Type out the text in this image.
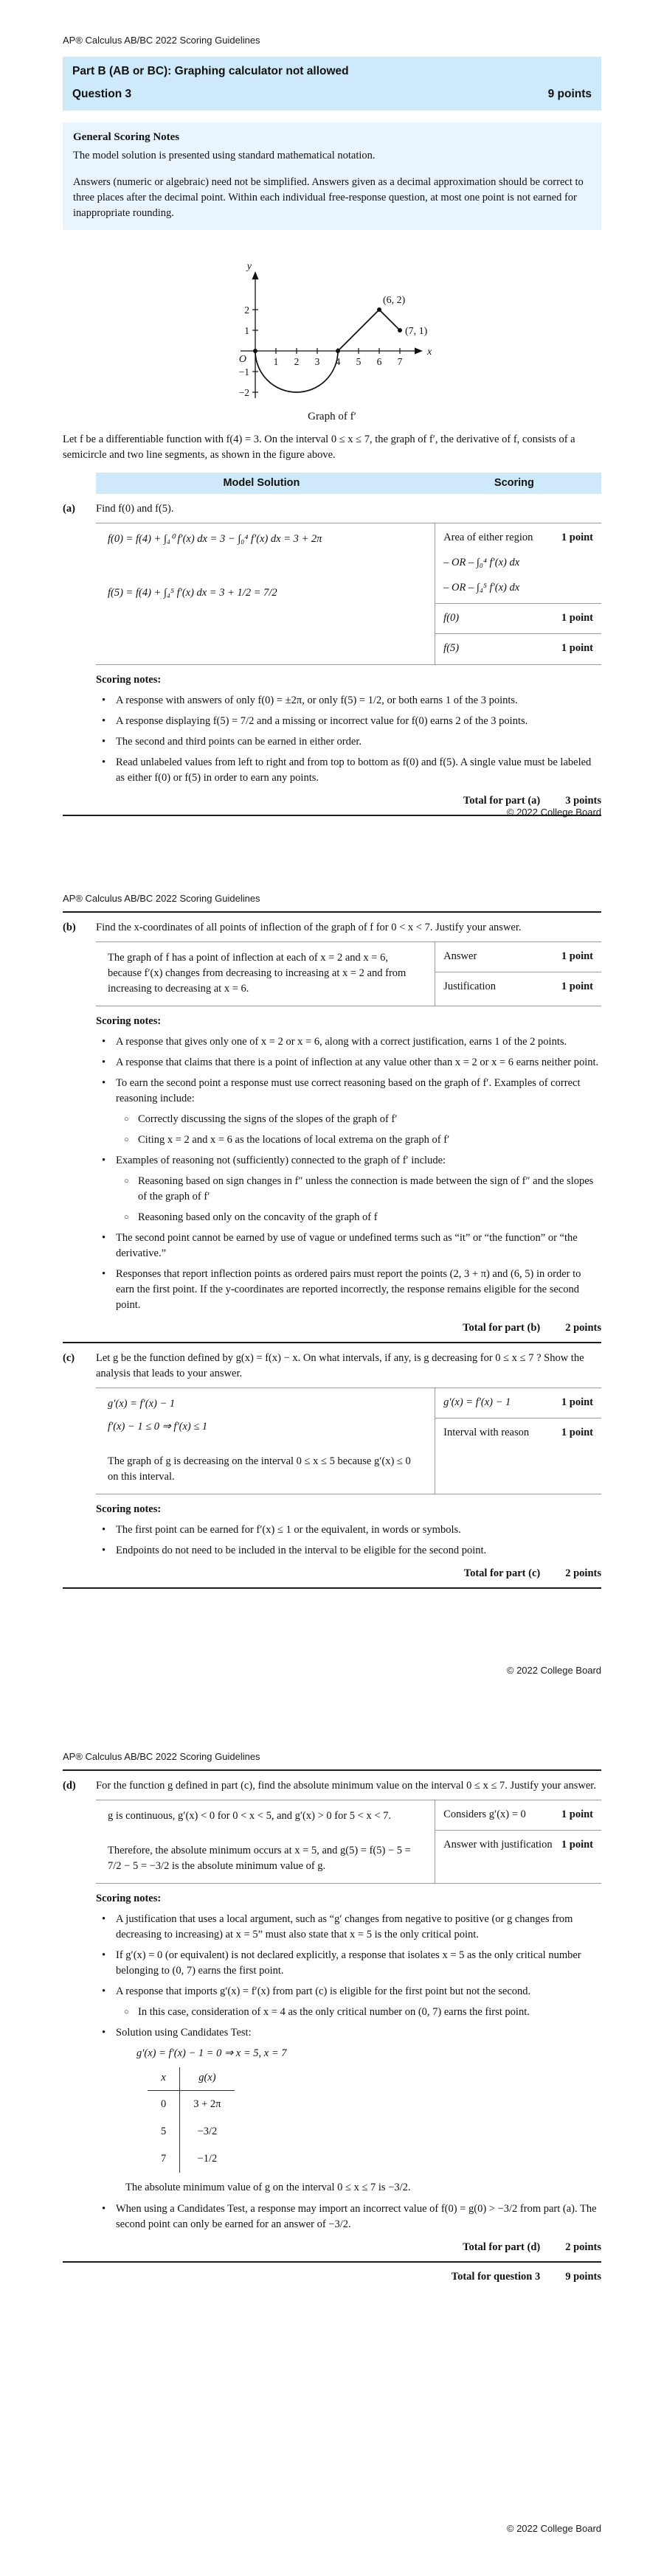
AP® Calculus AB/BC 2022 Scoring Guidelines
Part B (AB or BC): Graphing calculator not allowed
Question 3	9 points
General Scoring Notes

The model solution is presented using standard mathematical notation.

Answers (numeric or algebraic) need not be simplified. Answers given as a decimal approximation should be correct to three places after the decimal point. Within each individual free-response question, at most one point is not earned for inappropriate rounding.

1 2 3 4 5 6 7
2
1
−1
−2
x
y
O
(6, 2)
(7, 1)
Graph of f′

Let f be a differentiable function with f(4) = 3. On the interval 0 ≤ x ≤ 7, the graph of f′, the derivative of f, consists of a semicircle and two line segments, as shown in the figure above.

Model Solution	Scoring
(a)	Find f(0) and f(5).

f(0) = f(4) + ∫₄⁰ f′(x) dx = 3 − ∫₀⁴ f′(x) dx = 3 + 2π

f(5) = f(4) + ∫₄⁵ f′(x) dx = 3 + 1/2 = 7/2

Area of either region	1 point

– OR – ∫₀⁴ f′(x) dx

– OR – ∫₄⁵ f′(x) dx

f(0)	1 point
f(5)	1 point

Scoring notes:

• A response with answers of only f(0) = ±2π, or only f(5) = 1/2, or both earns 1 of the 3 points.
• A response displaying f(5) = 7/2 and a missing or incorrect value for f(0) earns 2 of the 3 points.
• The second and third points can be earned in either order.
• Read unlabeled values from left to right and from top to bottom as f(0) and f(5). A single value must be labeled as either f(0) or f(5) in order to earn any points.
Total for part (a) 3 points
© 2022 College Board
AP® Calculus AB/BC 2022 Scoring Guidelines
(b)	Find the x-coordinates of all points of inflection of the graph of f for 0 < x < 7. Justify your answer.

The graph of f has a point of inflection at each of x = 2 and x = 6, because f′(x) changes from decreasing to increasing at x = 2 and from increasing to decreasing at x = 6.

Answer	1 point
Justification	1 point

Scoring notes:

• A response that gives only one of x = 2 or x = 6, along with a correct justification, earns 1 of the 2 points.
• A response that claims that there is a point of inflection at any value other than x = 2 or x = 6 earns neither point.
• To earn the second point a response must use correct reasoning based on the graph of f′. Examples of correct reasoning include:
○ Correctly discussing the signs of the slopes of the graph of f′
○ Citing x = 2 and x = 6 as the locations of local extrema on the graph of f′
• Examples of reasoning not (sufficiently) connected to the graph of f′ include:
○ Reasoning based on sign changes in f″ unless the connection is made between the sign of f″ and the slopes of the graph of f′
○ Reasoning based only on the concavity of the graph of f
• The second point cannot be earned by use of vague or undefined terms such as “it” or “the function” or “the derivative.”
• Responses that report inflection points as ordered pairs must report the points (2, 3 + π) and (6, 5) in order to earn the first point. If the y-coordinates are reported incorrectly, the response remains eligible for the second point.
Total for part (b) 2 points
(c)	Let g be the function defined by g(x) = f(x) − x. On what intervals, if any, is g decreasing for 0 ≤ x ≤ 7 ? Show the analysis that leads to your answer.

g′(x) = f′(x) − 1

f′(x) − 1 ≤ 0 ⇒ f′(x) ≤ 1

The graph of g is decreasing on the interval 0 ≤ x ≤ 5 because g′(x) ≤ 0 on this interval.

g′(x) = f′(x) − 1	1 point
Interval with reason	1 point

Scoring notes:

• The first point can be earned for f′(x) ≤ 1 or the equivalent, in words or symbols.
• Endpoints do not need to be included in the interval to be eligible for the second point.
Total for part (c) 2 points
© 2022 College Board
AP® Calculus AB/BC 2022 Scoring Guidelines
(d)	For the function g defined in part (c), find the absolute minimum value on the interval 0 ≤ x ≤ 7. Justify your answer.

g is continuous, g′(x) < 0 for 0 < x < 5, and g′(x) > 0 for 5 < x < 7.

Therefore, the absolute minimum occurs at x = 5, and g(5) = f(5) − 5 = 7/2 − 5 = −3/2 is the absolute minimum value of g.

Considers g′(x) = 0	1 point
Answer with justification 1 point

Scoring notes:

• A justification that uses a local argument, such as “g′ changes from negative to positive (or g changes from decreasing to increasing) at x = 5” must also state that x = 5 is the only critical point.
• If g′(x) = 0 (or equivalent) is not declared explicitly, a response that isolates x = 5 as the only critical number belonging to (0, 7) earns the first point.
• A response that imports g′(x) = f′(x) from part (c) is eligible for the first point but not the second.
○ In this case, consideration of x = 4 as the only critical number on (0, 7) earns the first point.
• Solution using Candidates Test:

g′(x) = f′(x) − 1 = 0 ⇒ x = 5, x = 7

x	g(x)
0	3 + 2π
5	−3/2
7	−1/2

The absolute minimum value of g on the interval 0 ≤ x ≤ 7 is −3/2.

• When using a Candidates Test, a response may import an incorrect value of f(0) = g(0) > −3/2 from part (a). The second point can only be earned for an answer of −3/2.
Total for part (d) 2 points
Total for question 3 9 points
© 2022 College Board
